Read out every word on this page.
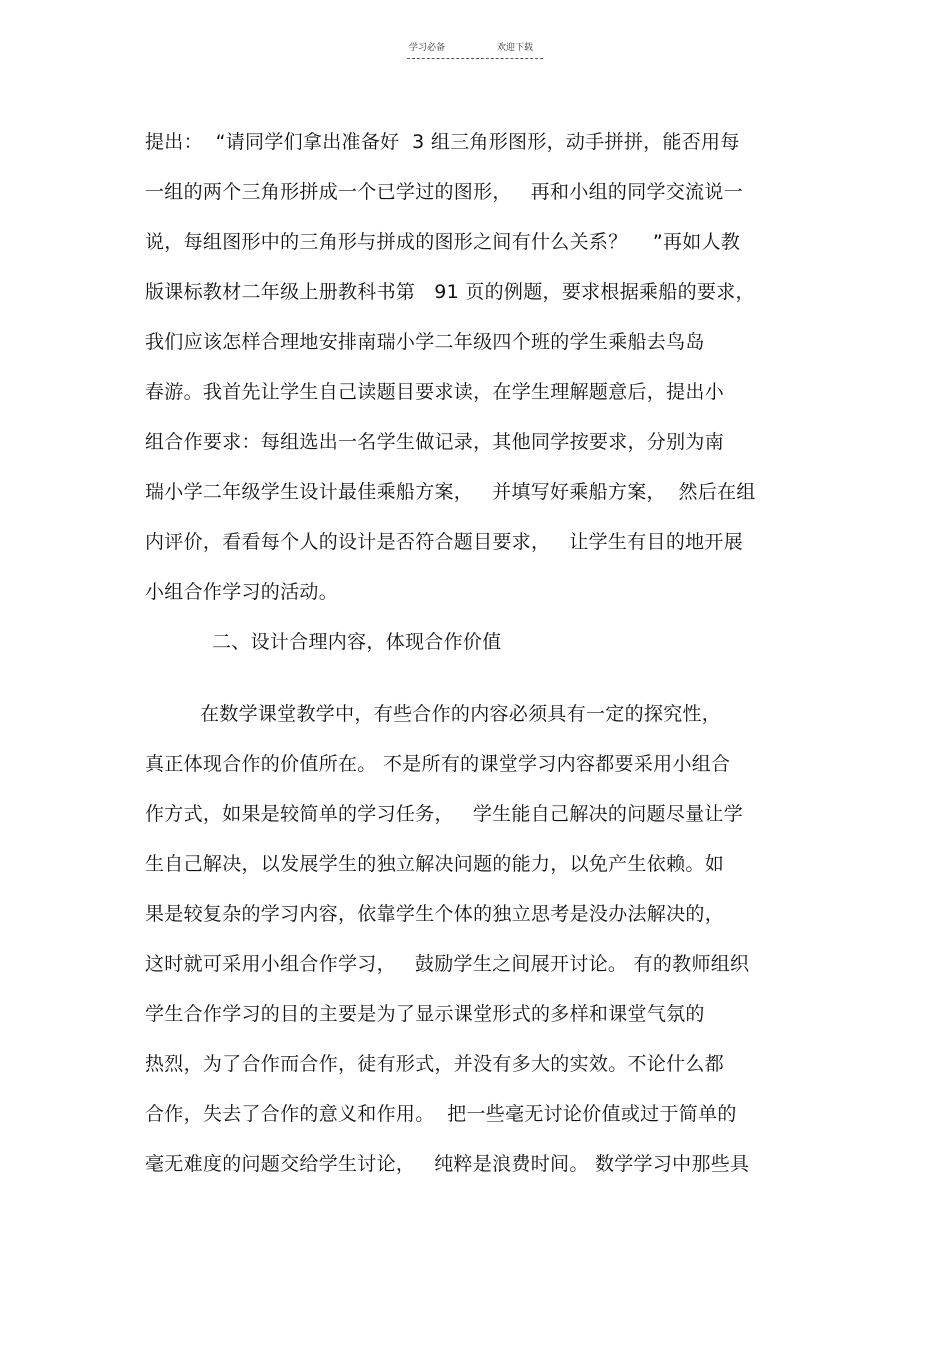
学习必备	欢迎下载
提出：  “请同学们拿出准备好  3 组三角形图形，动手拼拼，能否用每
一组的两个三角形拼成一个已学过的图形，   再和小组的同学交流说一
说，每组图形中的三角形与拼成的图形之间有什么关系？    ”再如人教
版课标教材二年级上册教科书第   91 页的例题，要求根据乘船的要求，
我们应该怎样合理地安排南瑞小学二年级四个班的学生乘船去鸟岛
春游。我首先让学生自己读题目要求读，在学生理解题意后，提出小
组合作要求：每组选出一名学生做记录，其他同学按要求，分别为南
瑞小学二年级学生设计最佳乘船方案，   并填写好乘船方案，  然后在组
内评价，看看每个人的设计是否符合题目要求，   让学生有目的地开展
小组合作学习的活动。
二、设计合理内容，体现合作价值
在数学课堂教学中，有些合作的内容必须具有一定的探究性，
真正体现合作的价值所在。 不是所有的课堂学习内容都要采用小组合
作方式，如果是较简单的学习任务，   学生能自己解决的问题尽量让学
生自己解决，以发展学生的独立解决问题的能力，以免产生依赖。如
果是较复杂的学习内容，依靠学生个体的独立思考是没办法解决的，
这时就可采用小组合作学习，   鼓励学生之间展开讨论。 有的教师组织
学生合作学习的目的主要是为了显示课堂形式的多样和课堂气氛的
热烈，为了合作而合作，徒有形式，并没有多大的实效。不论什么都
合作，失去了合作的意义和作用。  把一些毫无讨论价值或过于简单的
毫无难度的问题交给学生讨论，   纯粹是浪费时间。 数学学习中那些具
